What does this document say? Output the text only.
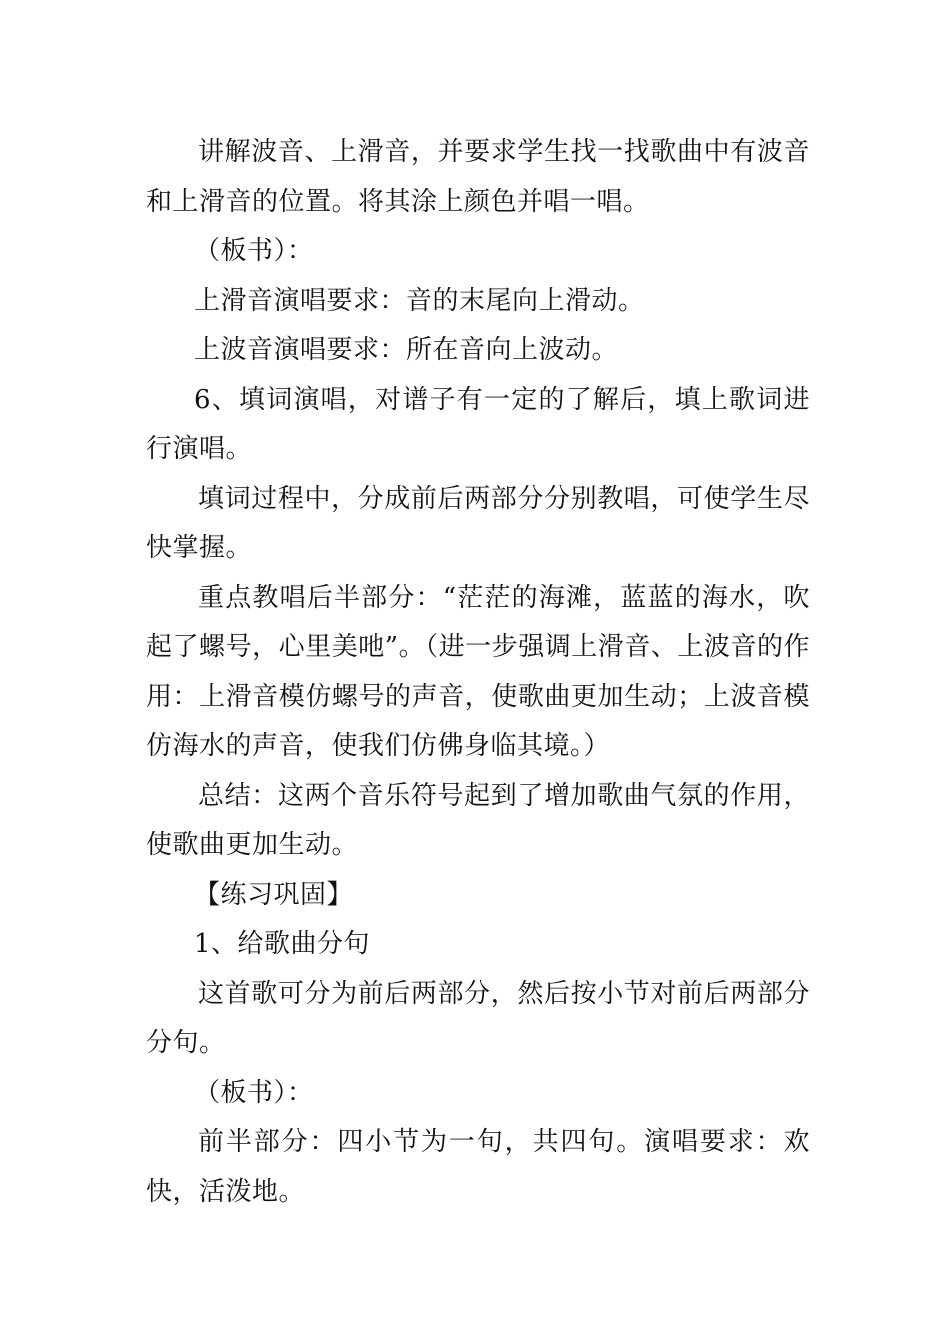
讲解波音、上滑音，并要求学生找一找歌曲中有波音和上滑音的位置。将其涂上颜色并唱一唱。

（板书）：

上滑音演唱要求：音的末尾向上滑动。

上波音演唱要求：所在音向上波动。

6、填词演唱，对谱子有一定的了解后，填上歌词进行演唱。

填词过程中，分成前后两部分分别教唱，可使学生尽快掌握。

重点教唱后半部分：“茫茫的海滩，蓝蓝的海水，吹起了螺号，心里美吔”。（进一步强调上滑音、上波音的作用：上滑音模仿螺号的声音，使歌曲更加生动；上波音模仿海水的声音，使我们仿佛身临其境。）

总结：这两个音乐符号起到了增加歌曲气氛的作用，使歌曲更加生动。

【练习巩固】

1、给歌曲分句

这首歌可分为前后两部分，然后按小节对前后两部分分句。

（板书）：

前半部分：四小节为一句，共四句。演唱要求：欢快，活泼地。
